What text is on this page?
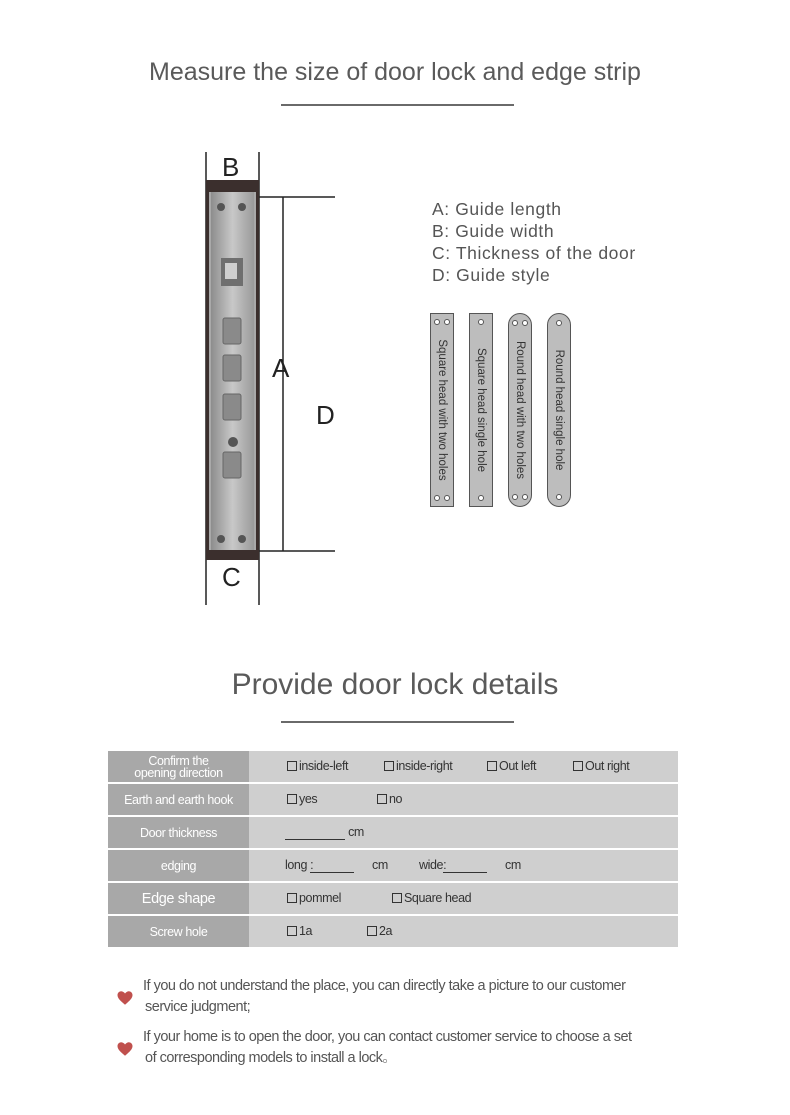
Measure the size of door lock and edge strip
B
C
A
D
A: Guide length
B: Guide width
C: Thickness of the door
D: Guide style
Square head with two holes Square head single hole Round head with two holes Round head single hole
Provide door lock details
Confirm the
opening direction	inside-left	inside-right	Out left	Out right
Earth and earth hook	yes	no
Door thickness	cm
edging	long :	cm wide:	cm
Edge shape	pommel	Square head
Screw hole	1a	2a
If you do not understand the place, you can directly take a picture to our customer
service judgment;
If your home is to open the door, you can contact customer service to choose a set
of corresponding models to install a lock。
